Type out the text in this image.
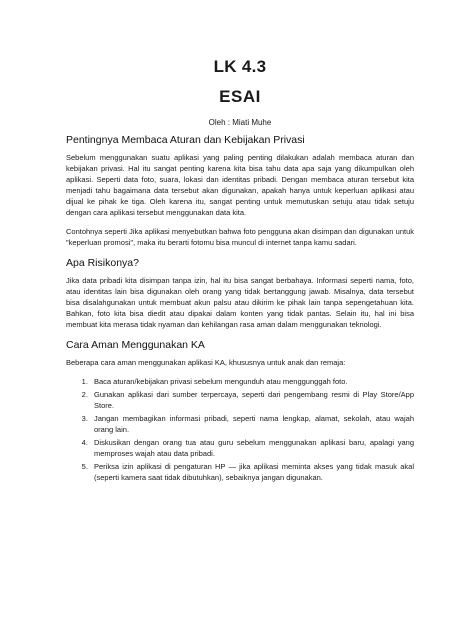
LK 4.3
ESAI
Oleh : Miati Muhe
Pentingnya Membaca Aturan dan Kebijakan Privasi

Sebelum menggunakan suatu aplikasi yang paling penting dilakukan adalah membaca aturan dan kebijakan privasi. Hal itu sangat penting karena kita bisa tahu data apa saja yang dikumpulkan oleh aplikasi. Seperti data foto, suara, lokasi dan identitas pribadi. Dengan membaca aturan tersebut kita menjadi tahu bagaimana data tersebut akan digunakan, apakah hanya untuk keperluan aplikasi atau dijual ke pihak ke tiga. Oleh karena itu, sangat penting untuk memutuskan setuju atau tidak setuju dengan cara aplikasi tersebut menggunakan data kita.

Contohnya seperti Jika aplikasi menyebutkan bahwa foto pengguna akan disimpan dan digunakan untuk "keperluan promosi", maka itu berarti fotomu bisa muncul di internet tanpa kamu sadari.

Apa Risikonya?

Jika data pribadi kita disimpan tanpa izin, hal itu bisa sangat berbahaya. Informasi seperti nama, foto, atau identitas lain bisa digunakan oleh orang yang tidak bertanggung jawab. Misalnya, data tersebut bisa disalahgunakan untuk membuat akun palsu atau dikirim ke pihak lain tanpa sepengetahuan kita. Bahkan, foto kita bisa diedit atau dipakai dalam konten yang tidak pantas. Selain itu, hal ini bisa membuat kita merasa tidak nyaman dan kehilangan rasa aman dalam menggunakan teknologi.

Cara Aman Menggunakan KA

Beberapa cara aman menggunakan aplikasi KA, khususnya untuk anak dan remaja:

1. Baca aturan/kebijakan privasi sebelum mengunduh atau menggunggah foto.
2. Gunakan aplikasi dari sumber terpercaya, seperti dari pengembang resmi di Play Store/App Store.
3. Jangan membagikan informasi pribadi, seperti nama lengkap, alamat, sekolah, atau wajah orang lain.
4. Diskusikan dengan orang tua atau guru sebelum menggunakan aplikasi baru, apalagi yang memproses wajah atau data pribadi.
5. Periksa izin aplikasi di pengaturan HP — jika aplikasi meminta akses yang tidak masuk akal (seperti kamera saat tidak dibutuhkan), sebaiknya jangan digunakan.
